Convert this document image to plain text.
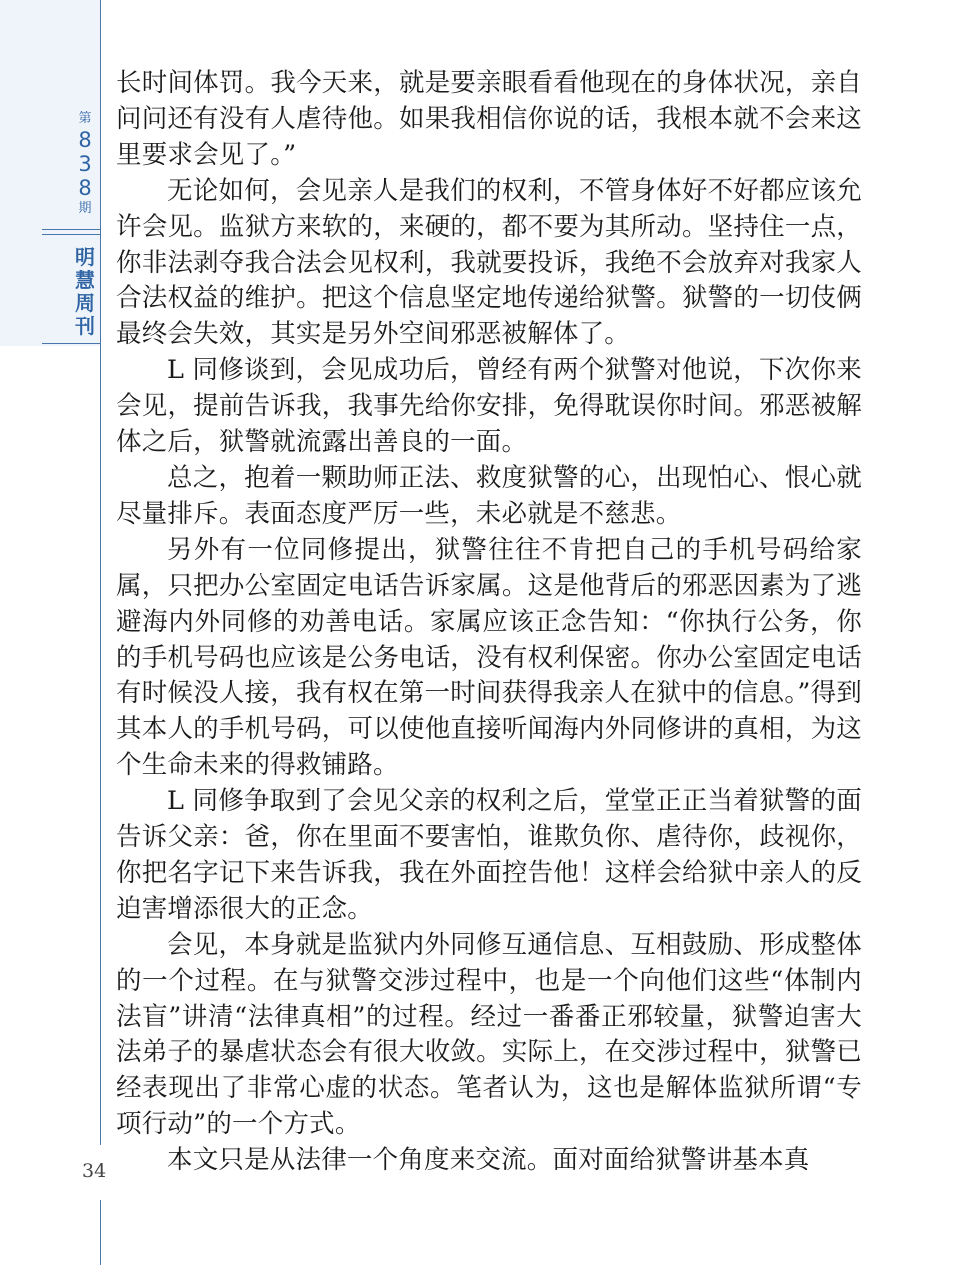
第
8
3
8
期
明
慧
周
刊
34

长时间体罚。我今天来，就是要亲眼看看他现在的身体状况，亲自问问还有没有人虐待他。如果我相信你说的话，我根本就不会来这里要求会见了。”

无论如何，会见亲人是我们的权利，不管身体好不好都应该允许会见。监狱方来软的，来硬的，都不要为其所动。坚持住一点，你非法剥夺我合法会见权利，我就要投诉，我绝不会放弃对我家人合法权益的维护。把这个信息坚定地传递给狱警。狱警的一切伎俩最终会失效，其实是另外空间邪恶被解体了。

L 同修谈到，会见成功后，曾经有两个狱警对他说，下次你来会见，提前告诉我，我事先给你安排，免得耽误你时间。邪恶被解体之后，狱警就流露出善良的一面。

总之，抱着一颗助师正法、救度狱警的心，出现怕心、恨心就尽量排斥。表面态度严厉一些，未必就是不慈悲。

另外有一位同修提出，狱警往往不肯把自己的手机号码给家属，只把办公室固定电话告诉家属。这是他背后的邪恶因素为了逃避海内外同修的劝善电话。家属应该正念告知：“你执行公务，你的手机号码也应该是公务电话，没有权利保密。你办公室固定电话有时候没人接，我有权在第一时间获得我亲人在狱中的信息。”得到其本人的手机号码，可以使他直接听闻海内外同修讲的真相，为这个生命未来的得救铺路。

L 同修争取到了会见父亲的权利之后，堂堂正正当着狱警的面告诉父亲：爸，你在里面不要害怕，谁欺负你、虐待你，歧视你，你把名字记下来告诉我，我在外面控告他！这样会给狱中亲人的反迫害增添很大的正念。

会见，本身就是监狱内外同修互通信息、互相鼓励、形成整体的一个过程。在与狱警交涉过程中，也是一个向他们这些“体制内法盲”讲清“法律真相”的过程。经过一番番正邪较量，狱警迫害大法弟子的暴虐状态会有很大收敛。实际上，在交涉过程中，狱警已经表现出了非常心虚的状态。笔者认为，这也是解体监狱所谓“专项行动”的一个方式。

本文只是从法律一个角度来交流。面对面给狱警讲基本真
